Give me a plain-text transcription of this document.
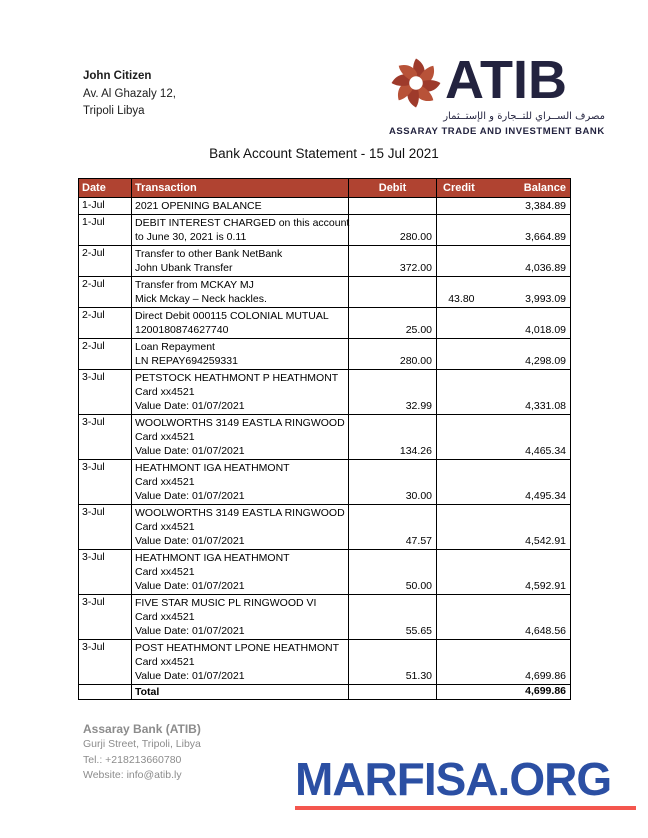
John Citizen
Av. Al Ghazaly 12,
Tripoli Libya
ATIB
مصرف الســراي للتــجارة و الإستــثمار
ASSARAY TRADE AND INVESTMENT BANK
Bank Account Statement - 15 Jul 2021
Date	Transaction	Debit	Credit	Balance
1-Jul	2021 OPENING BALANCE			3,384.89
1-Jul	DEBIT INTEREST CHARGED on this account
to June 30, 2021 is 0.11	280.00		3,664.89
2-Jul	Transfer to other Bank NetBank
John Ubank Transfer	372.00		4,036.89
2-Jul	Transfer from MCKAY MJ
Mick Mckay – Neck hackles.		43.80	3,993.09
2-Jul	Direct Debit 000115 COLONIAL MUTUAL
1200180874627740	25.00		4,018.09
2-Jul	Loan Repayment
LN REPAY694259331	280.00		4,298.09
3-Jul	PETSTOCK HEATHMONT P HEATHMONT
Card xx4521
Value Date: 01/07/2021	32.99		4,331.08
3-Jul	WOOLWORTHS 3149 EASTLA RINGWOOD
Card xx4521
Value Date: 01/07/2021	134.26		4,465.34
3-Jul	HEATHMONT IGA HEATHMONT
Card xx4521
Value Date: 01/07/2021	30.00		4,495.34
3-Jul	WOOLWORTHS 3149 EASTLA RINGWOOD
Card xx4521
Value Date: 01/07/2021	47.57		4,542.91
3-Jul	HEATHMONT IGA HEATHMONT
Card xx4521
Value Date: 01/07/2021	50.00		4,592.91
3-Jul	FIVE STAR MUSIC PL RINGWOOD VI
Card xx4521
Value Date: 01/07/2021	55.65		4,648.56
3-Jul	POST HEATHMONT LPONE HEATHMONT
Card xx4521
Value Date: 01/07/2021	51.30		4,699.86
	Total			4,699.86
Assaray Bank (ATIB)
Gurji Street, Tripoli, Libya
Tel.: +218213660780
Website: info@atib.ly	MARFISA.ORG
